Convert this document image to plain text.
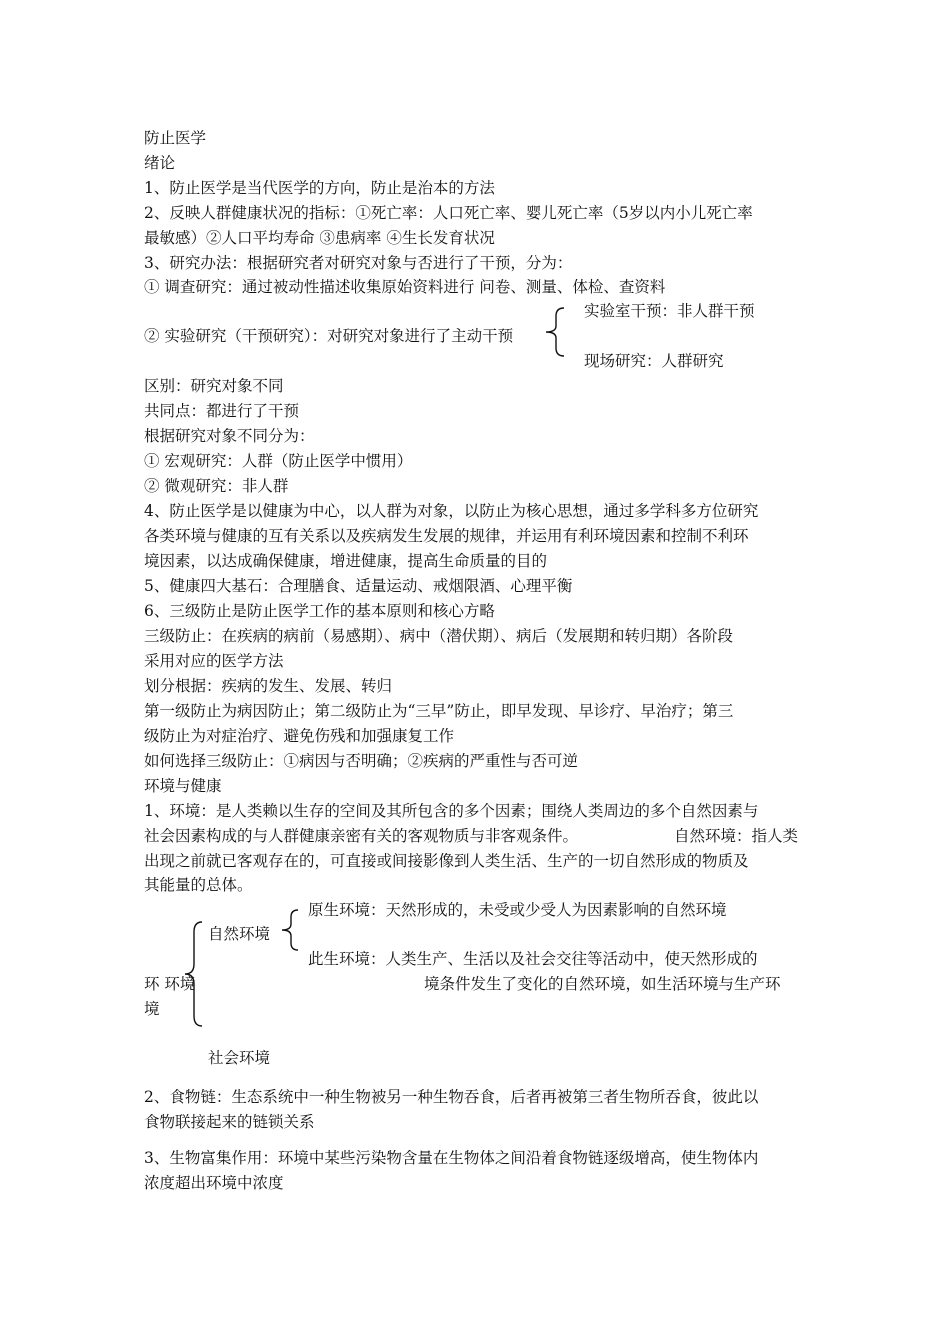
防止医学
绪论
1、防止医学是当代医学的方向，防止是治本的方法
2、反映人群健康状况的指标：①死亡率：人口死亡率、婴儿死亡率（5岁以内小儿死亡率
最敏感）②人口平均寿命 ③患病率 ④生长发育状况
3、研究办法：根据研究者对研究对象与否进行了干预，分为：
① 调查研究：通过被动性描述收集原始资料进行 问卷、测量、体检、查资料
实验室干预：非人群干预
② 实验研究（干预研究）：对研究对象进行了主动干预
现场研究：人群研究
区别：研究对象不同
共同点：都进行了干预
根据研究对象不同分为：
① 宏观研究：人群（防止医学中惯用）
② 微观研究：非人群
4、防止医学是以健康为中心，以人群为对象，以防止为核心思想，通过多学科多方位研究
各类环境与健康的互有关系以及疾病发生发展的规律，并运用有利环境因素和控制不利环
境因素，以达成确保健康，增进健康，提高生命质量的目的
5、健康四大基石：合理膳食、适量运动、戒烟限酒、心理平衡
6、三级防止是防止医学工作的基本原则和核心方略
三级防止：在疾病的病前（易感期）、病中（潜伏期）、病后（发展期和转归期）各阶段
采用对应的医学方法
划分根据：疾病的发生、发展、转归
第一级防止为病因防止；第二级防止为“三早”防止，即早发现、早诊疗、早治疗；第三
级防止为对症治疗、避免伤残和加强康复工作
如何选择三级防止：①病因与否明确；②疾病的严重性与否可逆
环境与健康
1、环境：是人类赖以生存的空间及其所包含的多个因素；围绕人类周边的多个自然因素与
社会因素构成的与人群健康亲密有关的客观物质与非客观条件。	自然环境：指人类
出现之前就已客观存在的，可直接或间接影像到人类生活、生产的一切自然形成的物质及
其能量的总体。
原生环境：天然形成的，未受或少受人为因素影响的自然环境
自然环境
此生环境：人类生产、生活以及社会交往等活动中，使天然形成的
环 环境	境条件发生了变化的自然环境，如生活环境与生产环
境
社会环境
2、食物链：生态系统中一种生物被另一种生物吞食，后者再被第三者生物所吞食，彼此以
食物联接起来的链锁关系
3、生物富集作用：环境中某些污染物含量在生物体之间沿着食物链逐级增高，使生物体内
浓度超出环境中浓度
